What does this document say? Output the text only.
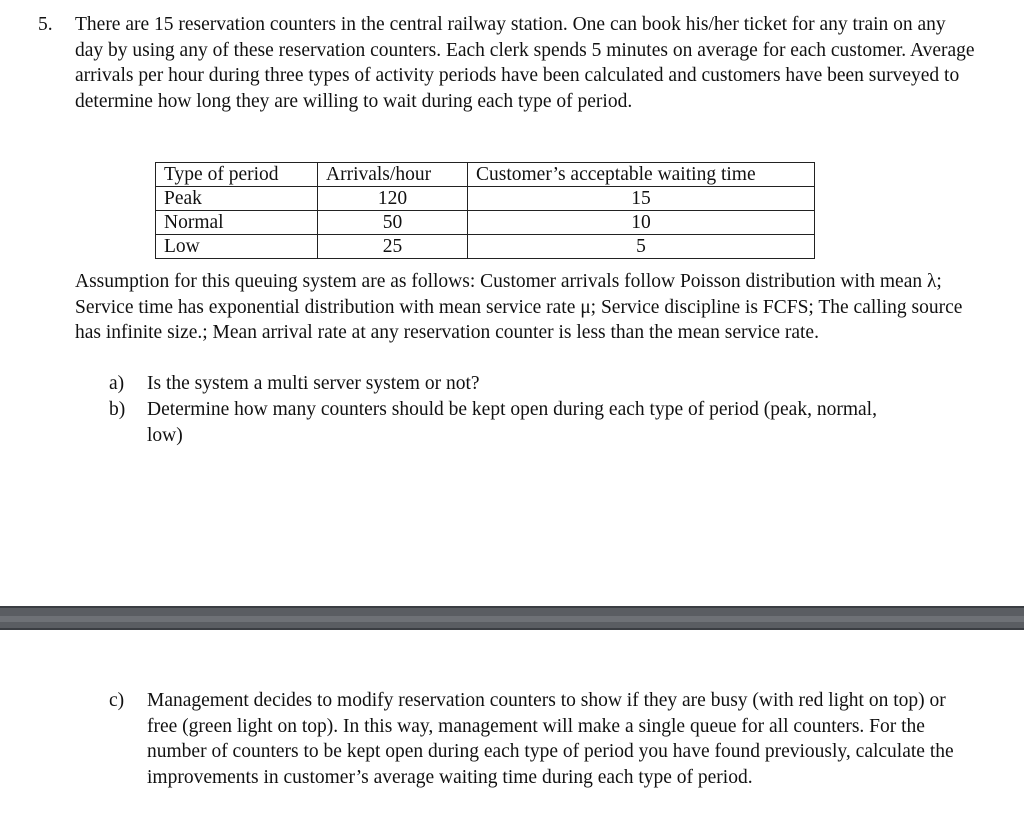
5. There are 15 reservation counters in the central railway station. One can book his/her ticket for any train on any day by using any of these reservation counters. Each clerk spends 5 minutes on average for each customer. Average arrivals per hour during three types of activity periods have been calculated and customers have been surveyed to determine how long they are willing to wait during each type of period.

Type of period	Arrivals/hour	Customer’s acceptable waiting time
Peak	120	15
Normal	50	10
Low	25	5

Assumption for this queuing system are as follows: Customer arrivals follow Poisson distribution with mean λ; Service time has exponential distribution with mean service rate μ; Service discipline is FCFS; The calling source has infinite size.; Mean arrival rate at any reservation counter is less than the mean service rate.

a) Is the system a multi server system or not?
b) Determine how many counters should be kept open during each type of period (peak, normal, low)
c) Management decides to modify reservation counters to show if they are busy (with red light on top) or free (green light on top). In this way, management will make a single queue for all counters. For the number of counters to be kept open during each type of period you have found previously, calculate the improvements in customer’s average waiting time during each type of period.
